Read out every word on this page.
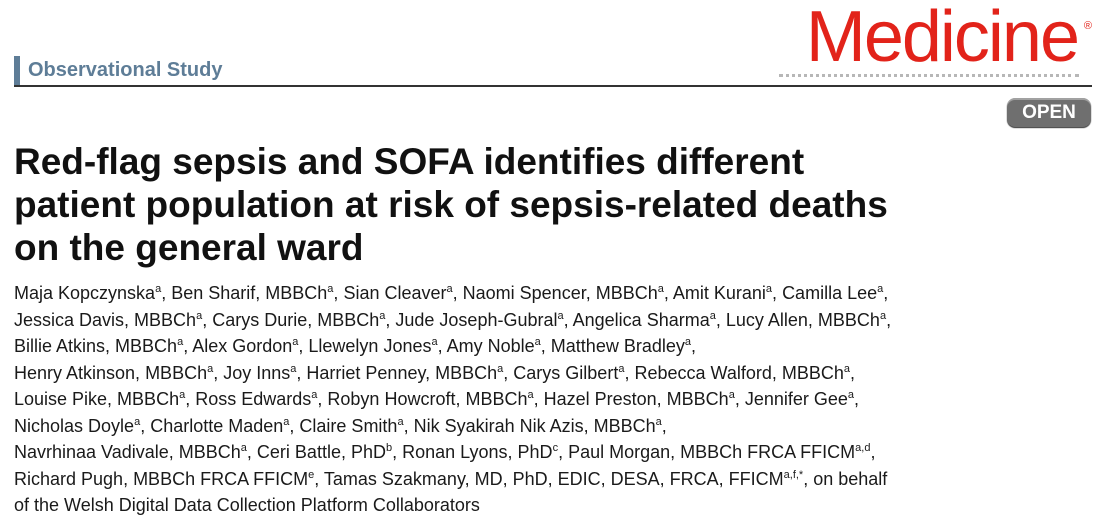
Observational Study	Medicine ®
OPEN
Red-flag sepsis and SOFA identifies different
patient population at risk of sepsis-related deaths
on the general ward
Maja Kopczynska$^a$, Ben Sharif, MBBCh$^a$, Sian Cleaver$^a$, Naomi Spencer, MBBCh$^a$, Amit Kurani$^a$, Camilla Lee$^a$,
Jessica Davis, MBBCh$^a$, Carys Durie, MBBCh$^a$, Jude Joseph-Gubral$^a$, Angelica Sharma$^a$, Lucy Allen, MBBCh$^a$,
Billie Atkins, MBBCh$^a$, Alex Gordon$^a$, Llewelyn Jones$^a$, Amy Noble$^a$, Matthew Bradley$^a$,
Henry Atkinson, MBBCh$^a$, Joy Inns$^a$, Harriet Penney, MBBCh$^a$, Carys Gilbert$^a$, Rebecca Walford, MBBCh$^a$,
Louise Pike, MBBCh$^a$, Ross Edwards$^a$, Robyn Howcroft, MBBCh$^a$, Hazel Preston, MBBCh$^a$, Jennifer Gee$^a$,
Nicholas Doyle$^a$, Charlotte Maden$^a$, Claire Smith$^a$, Nik Syakirah Nik Azis, MBBCh$^a$,
Navrhinaa Vadivale, MBBCh$^a$, Ceri Battle, PhD$^b$, Ronan Lyons, PhD$^c$, Paul Morgan, MBBCh FRCA FFICM$^{a,d}$,
Richard Pugh, MBBCh FRCA FFICM$^e$, Tamas Szakmany, MD, PhD, EDIC, DESA, FRCA, $FFICM^{a,f,*}$, on behalf
of the Welsh Digital Data Collection Platform Collaborators
